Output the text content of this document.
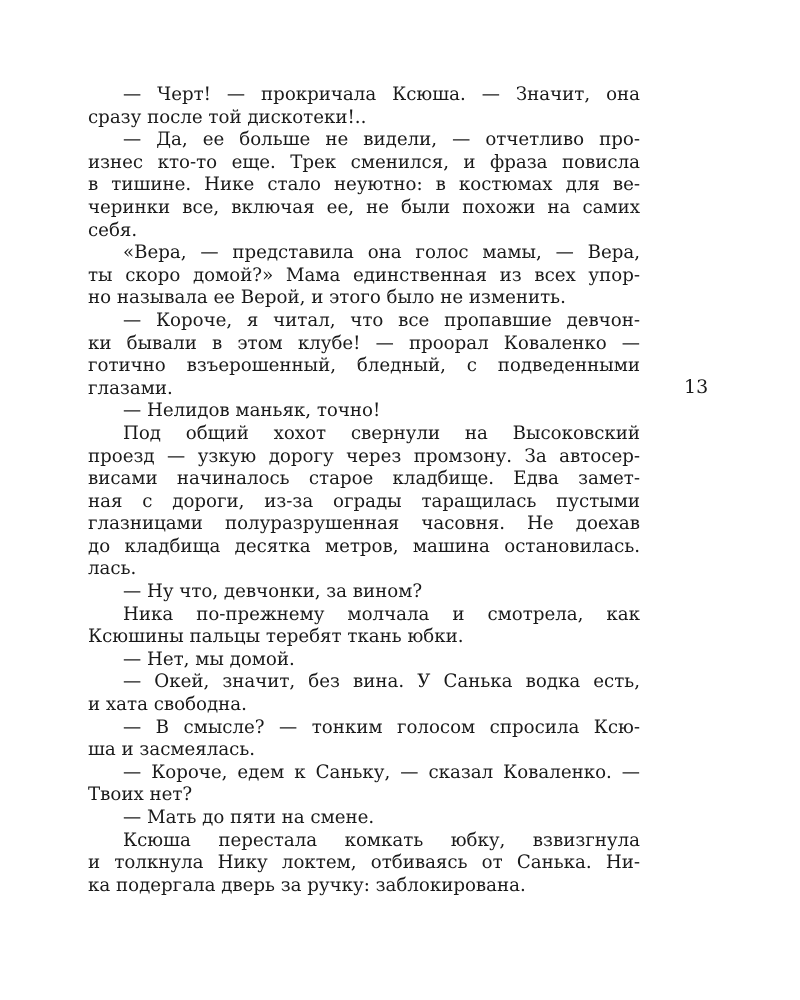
— Черт! — прокричала Ксюша. — Значит, она
сразу после той дискотеки!..
— Да, ее больше не видели, — отчетливо про-
изнес кто-то еще. Трек сменился, и фраза повисла
в тишине. Нике стало неуютно: в костюмах для ве-
черинки все, включая ее, не были похожи на самих
себя.
«Вера, — представила она голос мамы, — Вера,
ты скоро домой?» Мама единственная из всех упор-
но называла ее Верой, и этого было не изменить.
— Короче, я читал, что все пропавшие девчон-
ки бывали в этом клубе! — проорал Коваленко —
готично взъерошенный, бледный, с подведенными
глазами.
— Нелидов маньяк, точно!
Под общий хохот свернули на Высоковский
проезд — узкую дорогу через промзону. За автосер-
висами начиналось старое кладбище. Едва замет-
ная с дороги, из-за ограды таращилась пустыми
глазницами полуразрушенная часовня. Не доехав
до кладбища десятка метров, машина остановилась.
лась.
— Ну что, девчонки, за вином?
Ника по-прежнему молчала и смотрела, как
Ксюшины пальцы теребят ткань юбки.
— Нет, мы домой.
— Окей, значит, без вина. У Санька водка есть,
и хата свободна.
— В смысле? — тонким голосом спросила Ксю-
ша и засмеялась.
— Короче, едем к Саньку, — сказал Коваленко. —
Твоих нет?
— Мать до пяти на смене.
Ксюша перестала комкать юбку, взвизгнула
и толкнула Нику локтем, отбиваясь от Санька. Ни-
ка подергала дверь за ручку: заблокирована.
13
